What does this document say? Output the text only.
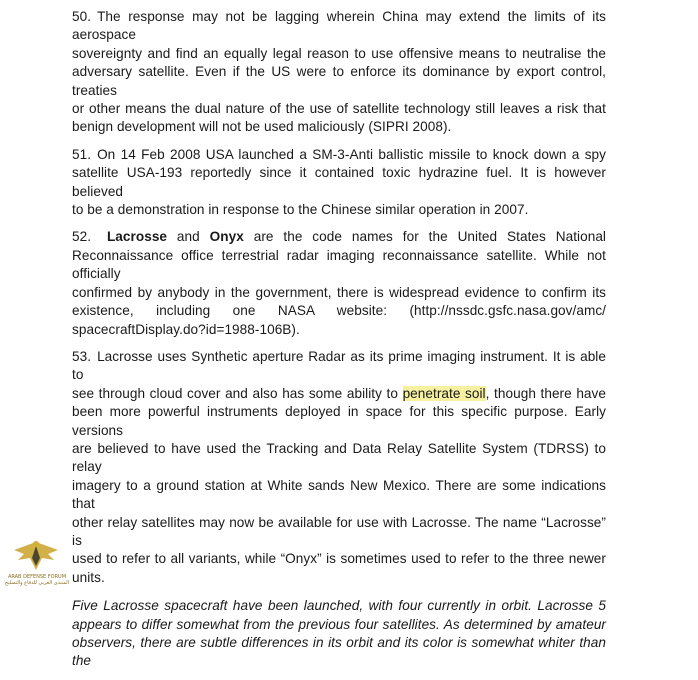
50. The response may not be lagging wherein China may extend the limits of its aerospace
sovereignty and find an equally legal reason to use offensive means to neutralise the
adversary satellite. Even if the US were to enforce its dominance by export control, treaties
or other means the dual nature of the use of satellite technology still leaves a risk that
benign development will not be used maliciously (SIPRI 2008).
51. On 14 Feb 2008 USA launched a SM-3-Anti ballistic missile to knock down a spy
satellite USA-193 reportedly since it contained toxic hydrazine fuel. It is however believed
to be a demonstration in response to the Chinese similar operation in 2007.
52. Lacrosse and Onyx are the code names for the United States National
Reconnaissance office terrestrial radar imaging reconnaissance satellite. While not officially
confirmed by anybody in the government, there is widespread evidence to confirm its
existence, including one NASA website: (http://nssdc.gsfc.nasa.gov/amc/
spacecraftDisplay.do?id=1988-106B).
53. Lacrosse uses Synthetic aperture Radar as its prime imaging instrument. It is able to
see through cloud cover and also has some ability to penetrate soil, though there have
been more powerful instruments deployed in space for this specific purpose. Early versions
are believed to have used the Tracking and Data Relay Satellite System (TDRSS) to relay
imagery to a ground station at White sands New Mexico. There are some indications that
other relay satellites may now be available for use with Lacrosse. The name “Lacrosse” is
used to refer to all variants, while “Onyx” is sometimes used to refer to the three newer
units.
Five Lacrosse spacecraft have been launched, with four currently in orbit. Lacrosse 5
appears to differ somewhat from the previous four satellites. As determined by amateur
observers, there are subtle differences in its orbit and its color is somewhat whiter than the
ARAB DEFENSE FORUM
المنتدى العربي للدفاع والتسليح
